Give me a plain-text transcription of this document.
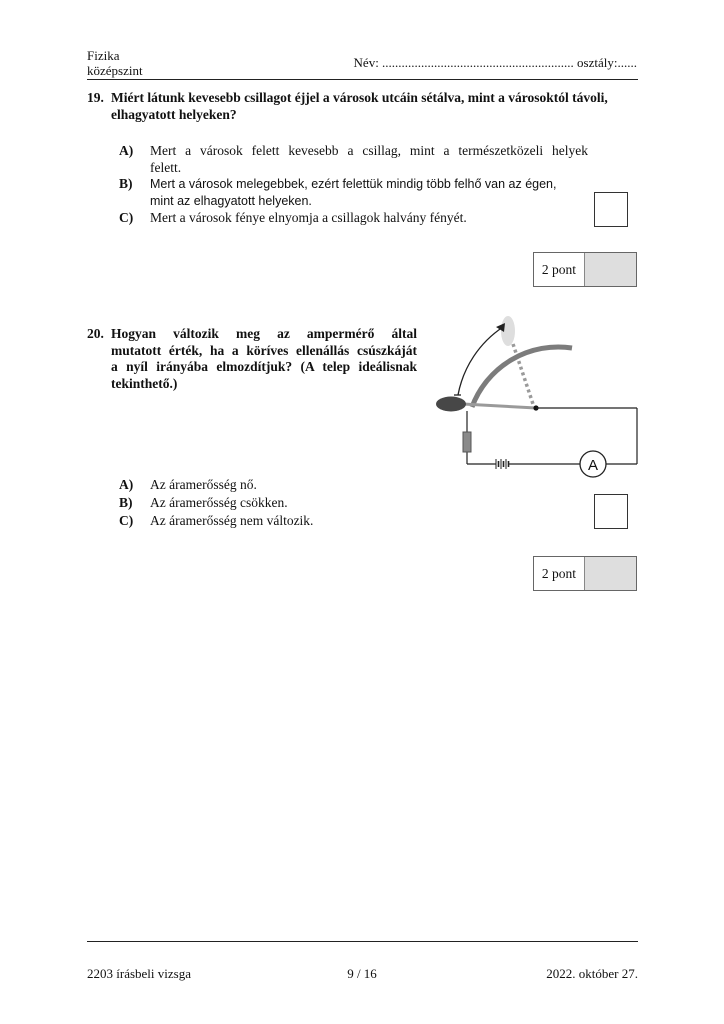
Fizika
középszint
Név: ........................................................... osztály:......
19. Miért látunk kevesebb csillagot éjjel a városok utcáin sétálva, mint a városoktól távoli,
elhagyatott helyeken?
A) Mert a városok felett kevesebb a csillag, mint a természetközeli helyek
felett.
B) Mert a városok melegebbek, ezért felettük mindig több felhő van az égen,
mint az elhagyatott helyeken.
C) Mert a városok fénye elnyomja a csillagok halvány fényét.
2 pont
20. Hogyan változik meg az ampermérő által
mutatott érték, ha a köríves ellenállás csúszkáját
a nyíl irányába elmozdítjuk? (A telep ideálisnak
tekinthető.)
A
A) Az áramerősség nő.
B) Az áramerősség csökken.
C) Az áramerősség nem változik.
2 pont
2203 írásbeli vizsga	9 / 16	2022. október 27.
